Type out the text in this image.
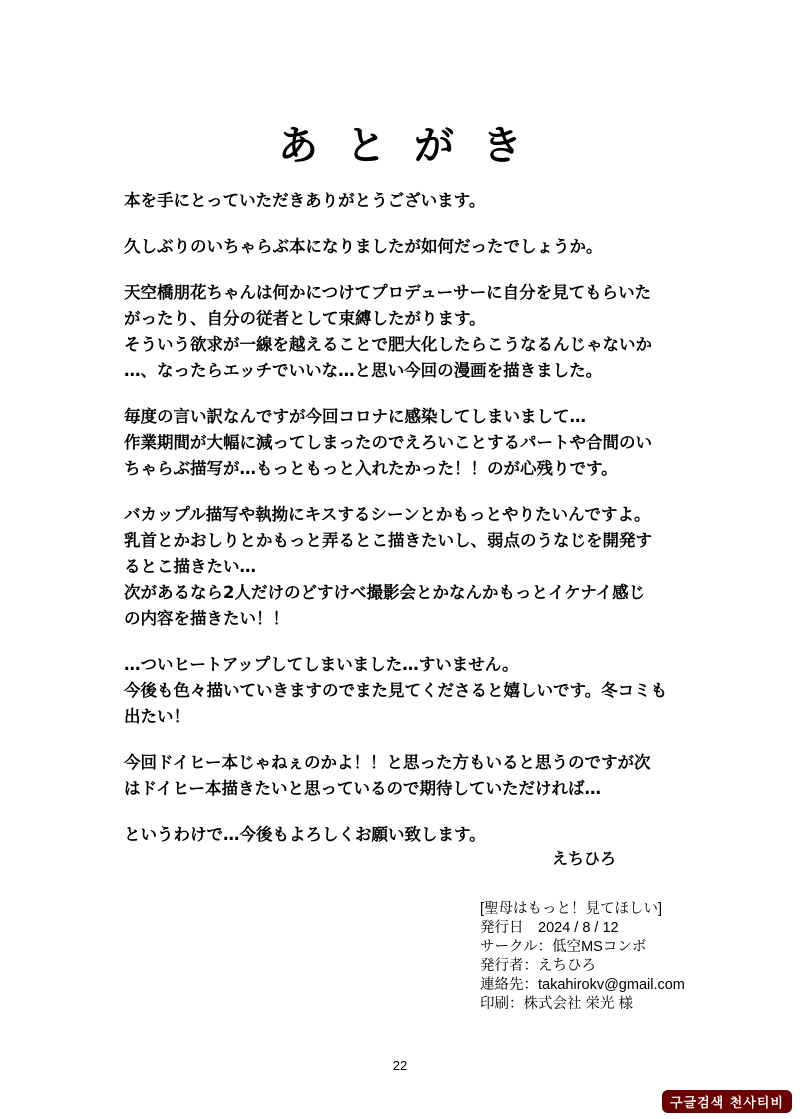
あとがき

本を手にとっていただきありがとうございます。

久しぶりのいちゃらぶ本になりましたが如何だったでしょうか。

天空橋朋花ちゃんは何かにつけてプロデューサーに自分を見てもらいた
がったり、自分の従者として束縛したがります。
そういう欲求が一線を越えることで肥大化したらこうなるんじゃないか
…、なったらエッチでいいな…と思い今回の漫画を描きました。

毎度の言い訳なんですが今回コロナに感染してしまいまして…
作業期間が大幅に減ってしまったのでえろいことするパートや合間のい
ちゃらぶ描写が…もっともっと入れたかった！！のが心残りです。

バカップル描写や執拗にキスするシーンとかもっとやりたいんですよ。
乳首とかおしりとかもっと弄るとこ描きたいし、弱点のうなじを開発す
るとこ描きたい…
次があるなら2人だけのどすけべ撮影会とかなんかもっとイケナイ感じ
の内容を描きたい！！

…ついヒートアップしてしまいました…すいません。
今後も色々描いていきますのでまた見てくださると嬉しいです。冬コミも
出たい！

今回ドイヒー本じゃねぇのかよ！！と思った方もいると思うのですが次
はドイヒー本描きたいと思っているので期待していただければ…

というわけで…今後もよろしくお願い致します。

えちひろ
[聖母はもっと！見てほしい]
発行日　2024 / 8 / 12
サークル：低空MSコンボ
発行者：えちひろ
連絡先：takahirokv@gmail.com
印刷：株式会社 栄光 様
22
구글검색 천사티비
